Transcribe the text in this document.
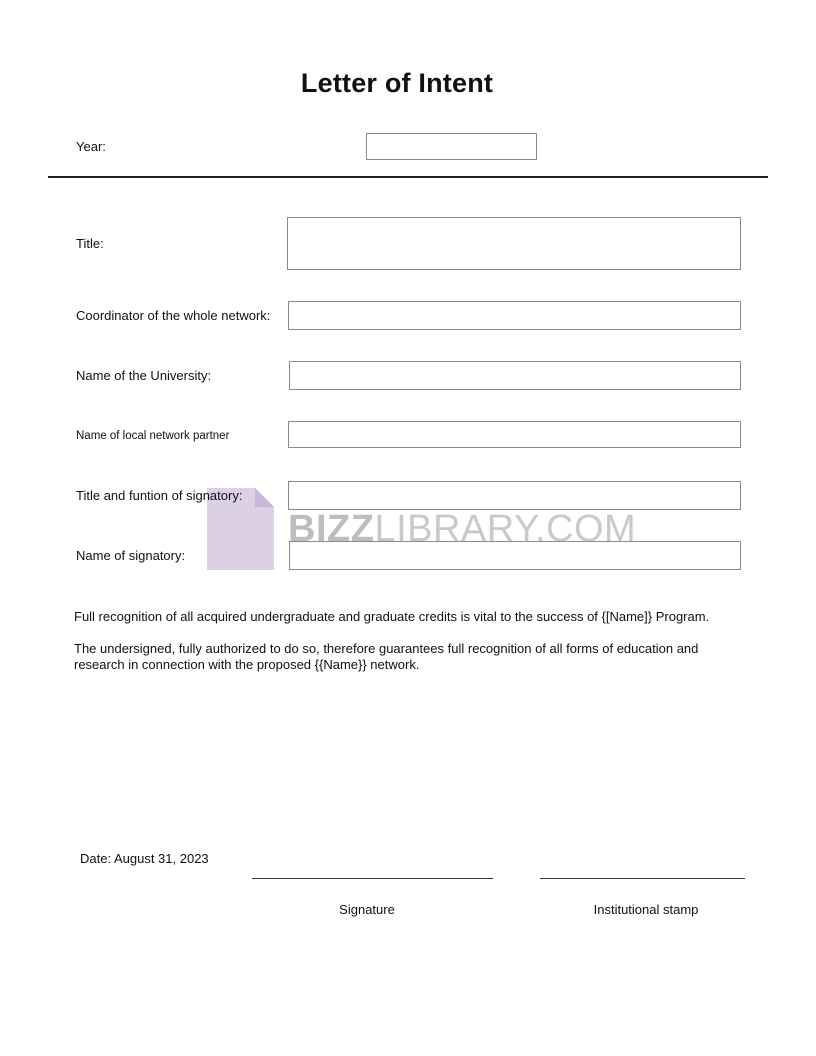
Letter of Intent
Year:
Title:
Coordinator of the whole network:
Name of the University:
Name of local network partner
BIZZLIBRARY.COM
Title and funtion of signatory:
Name of signatory:
Full recognition of all acquired undergraduate and graduate credits is vital to the success of {[Name]} Program.
The undersigned, fully authorized to do so, therefore guarantees full recognition of all forms of education and research in connection with the proposed {{Name}} network.
Date: August 31, 2023
Signature	Institutional stamp
